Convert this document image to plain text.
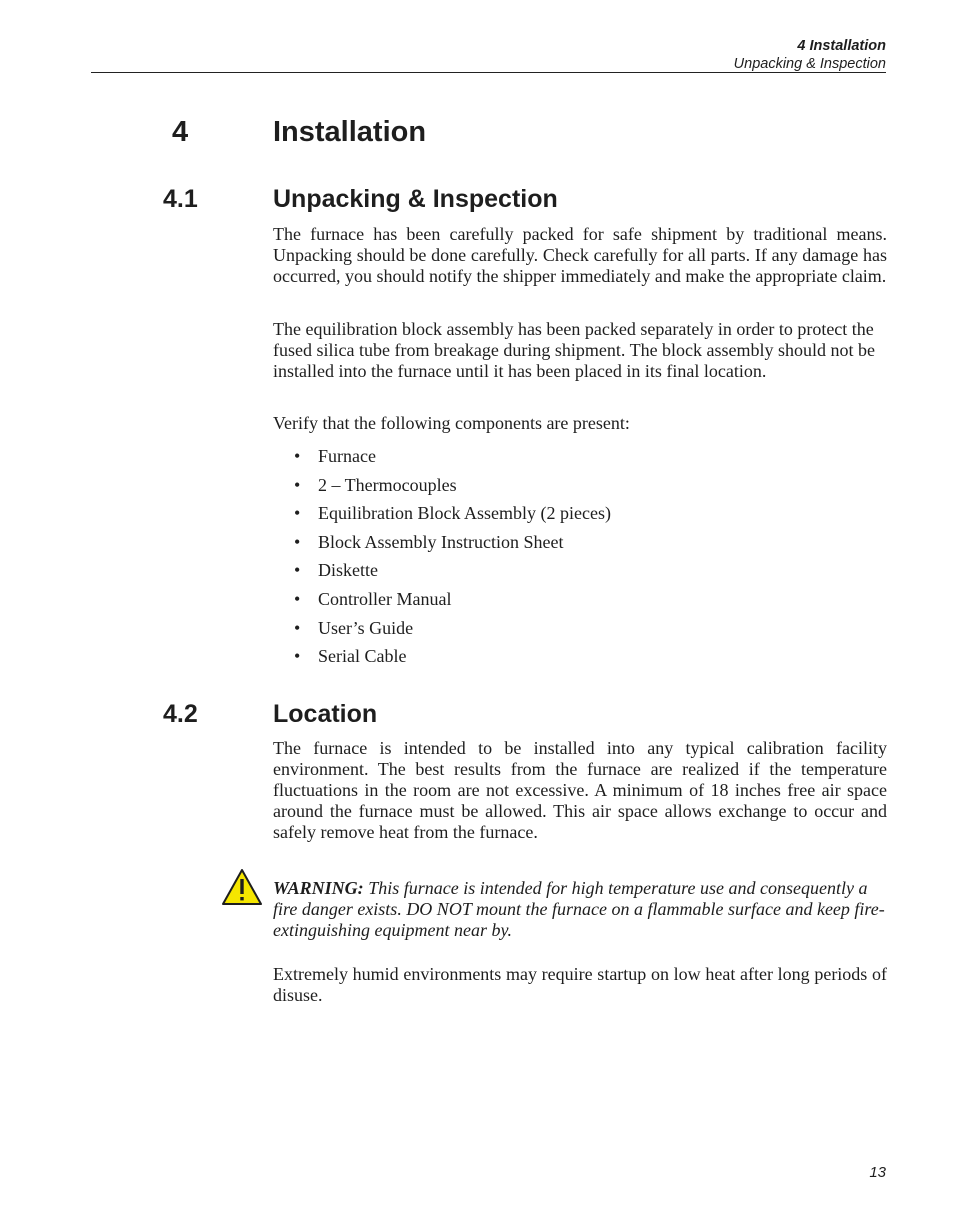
4 Installation
Unpacking & Inspection
4	Installation
4.1	Unpacking & Inspection

The furnace has been carefully packed for safe shipment by traditional means. Unpacking should be done carefully. Check carefully for all parts. If any damage has occurred, you should notify the shipper immediately and make the appropriate claim.

The equilibration block assembly has been packed separately in order to protect the fused silica tube from breakage during shipment. The block assembly should not be installed into the furnace until it has been placed in its final location.

Verify that the following components are present:

• Furnace
• 2 – Thermocouples
• Equilibration Block Assembly (2 pieces)
• Block Assembly Instruction Sheet
• Diskette
• Controller Manual
• User’s Guide
• Serial Cable
4.2	Location

The furnace is intended to be installed into any typical calibration facility environment. The best results from the furnace are realized if the temperature fluctuations in the room are not excessive. A minimum of 18 inches free air space around the furnace must be allowed. This air space allows exchange to occur and safely remove heat from the furnace.

WARNING: This furnace is intended for high temperature use and consequently a fire danger exists. DO NOT mount the furnace on a flammable surface and keep fire-extinguishing equipment near by.

Extremely humid environments may require startup on low heat after long periods of disuse.

13
